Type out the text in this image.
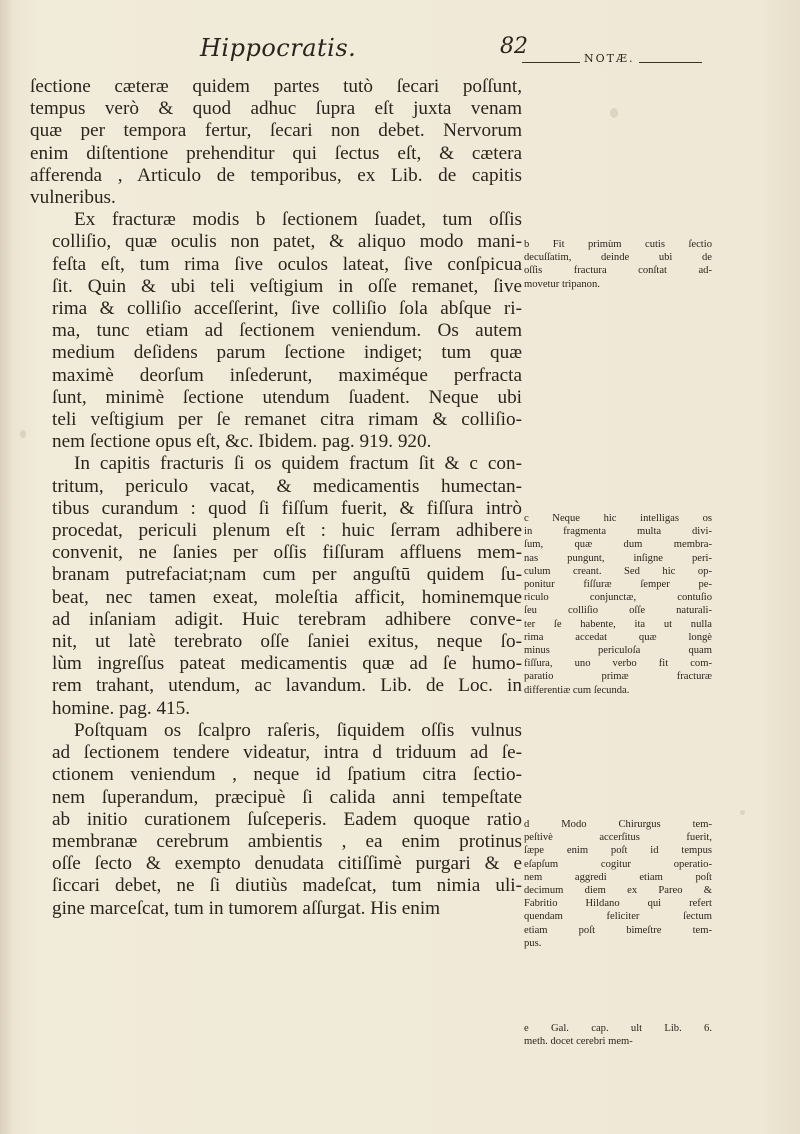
Hippocratis.	82	NOTÆ.
ſectione cæteræ quidem partes tutò ſecari poſſunt,
tempus verò & quod adhuc ſupra eſt juxta venam
quæ per tempora fertur, ſecari non debet. Nervorum
enim diſtentione prehenditur qui ſectus eſt, & cætera
afferenda , Articulo de temporibus, ex Lib. de capitis
vulneribus.
Ex fracturæ modis b ſectionem ſuadet, tum oſſis
colliſio, quæ oculis non patet, & aliquo modo mani-
feſta eſt, tum rima ſive oculos lateat, ſive conſpicua
ſit. Quin & ubi teli veſtigium in oſſe remanet, ſive
rima & colliſio acceſſerint, ſive colliſio ſola abſque ri-
ma, tunc etiam ad ſectionem veniendum. Os autem
medium deſidens parum ſectione indiget; tum quæ
maximè deorſum inſederunt, maximéque perfracta
ſunt, minimè ſectione utendum ſuadent. Neque ubi
teli veſtigium per ſe remanet citra rimam & colliſio-
nem ſectione opus eſt, &c. Ibidem. pag. 919. 920.
In capitis fracturis ſi os quidem fractum ſit & c con-
tritum, periculo vacat, & medicamentis humectan-
tibus curandum : quod ſi fiſſum fuerit, & fiſſura intrò
procedat, periculi plenum eſt : huic ſerram adhibere
convenit, ne ſanies per oſſis fiſſuram affluens mem-
branam putrefaciat;nam cum per anguſtū quidem ſu-
beat, nec tamen exeat, moleſtia afficit, hominemque
ad inſaniam adigit. Huic terebram adhibere conve-
nit, ut latè terebrato oſſe ſaniei exitus, neque ſo-
lùm ingreſſus pateat medicamentis quæ ad ſe humo-
rem trahant, utendum, ac lavandum. Lib. de Loc. in
homine. pag. 415.
Poſtquam os ſcalpro raſeris, ſiquidem oſſis vulnus
ad ſectionem tendere videatur, intra d triduum ad ſe-
ctionem veniendum , neque id ſpatium citra ſectio-
nem ſuperandum, præcipuè ſi calida anni tempeſtate
ab initio curationem ſuſceperis. Eadem quoque ratio
membranæ cerebrum ambientis , ea enim protinus
oſſe ſecto & exempto denudata citiſſimè purgari & e
ſiccari debet, ne ſi diutiùs madeſcat, tum nimia uli-
gine marceſcat, tum in tumorem aſſurgat. His enim
b Fit primùm cutis ſectio
decuſſatim, deinde ubi de
oſſis fractura conſtat ad-
movetur trìpanon.
c Neque hic intelligas os
in fragmenta multa divi-
ſum, quæ dum membra-
nas pungunt, inſigne peri-
culum creant. Sed hic op-
ponitur fiſſuræ ſemper pe-
riculo conjunctæ, contuſio
ſeu colliſio oſſe naturali-
ter ſe habente, ita ut nulla
rima accedat quæ longè
minus periculoſa quam
fiſſura, uno verbo fit com-
paratio primæ fracturæ
differentiæ cum ſecunda.
d Modo Chirurgus tem-
peſtivè accerſitus fuerit,
ſæpe enim poſt id tempus
eſapſum cogitur operatio-
nem aggredi etiam poſt
decimum diem ex Pareo &
Fabritio Hildano qui refert
quendam feliciter ſectum
etiam poſt bimeſtre tem-
pus.
e Gal. cap. ult Lib. 6.
meth. docet cerebri mem-
